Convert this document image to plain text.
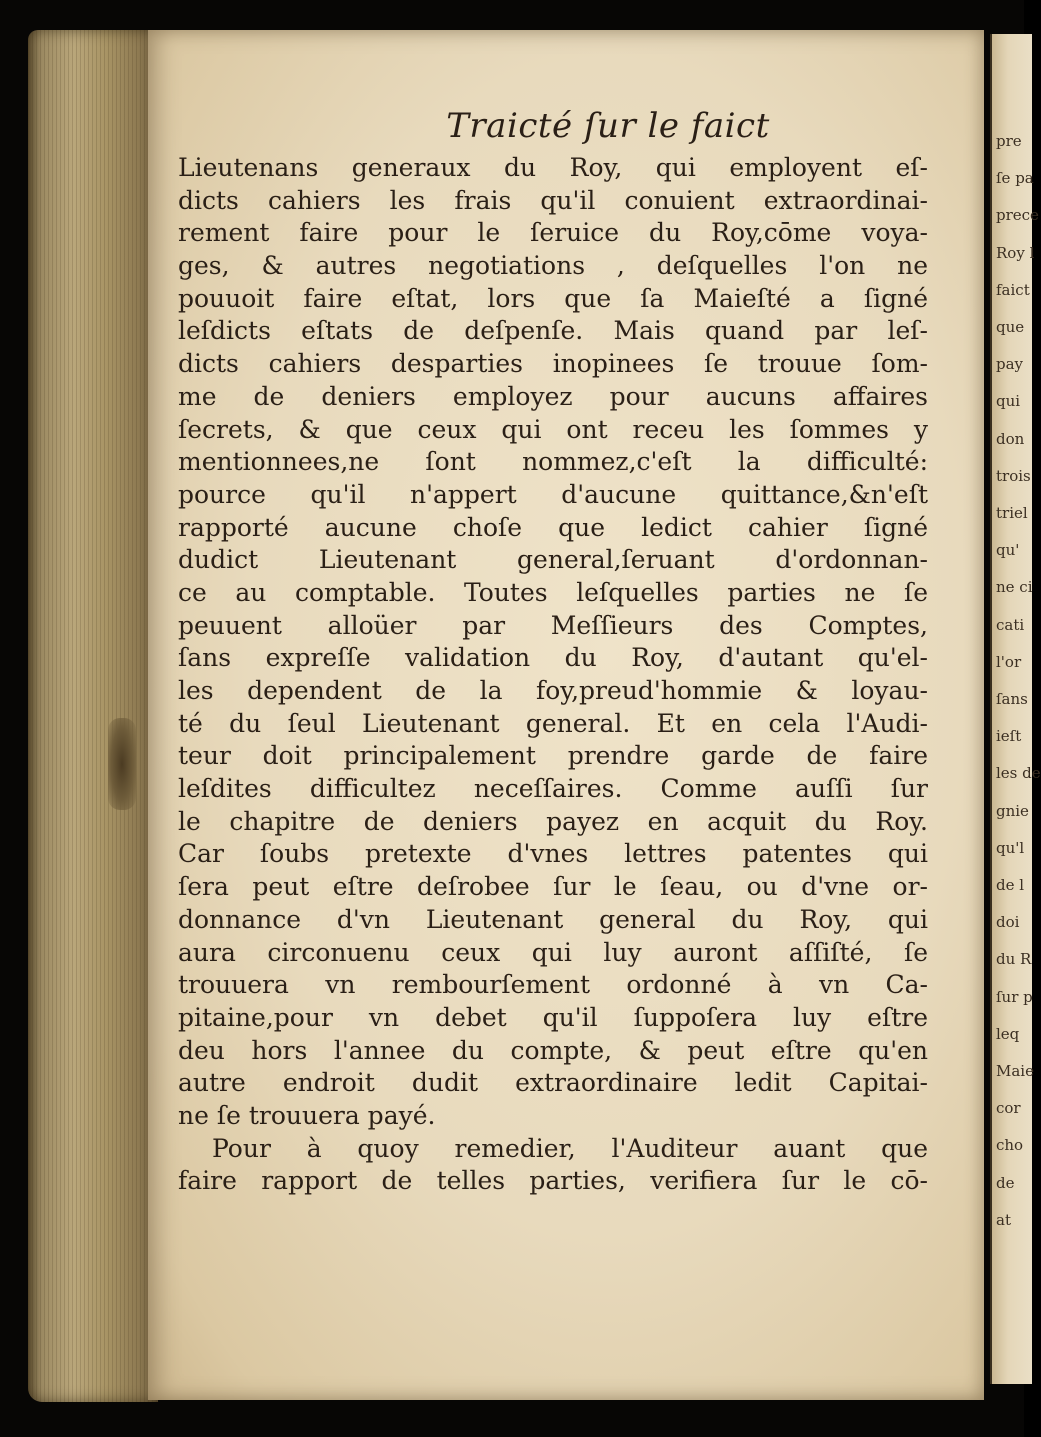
pre
ſe pa
prece
Roy l
faict
que
pay
qui
don
trois
triel
qu'
ne ci
cati
l'or
ſans
ieſt
les de
gnie
qu'l
de l
doi
du R
ſur p
leq
Maie
cor
cho
de
at
Traicté ſur le faict
Lieutenans generaux du Roy, qui employent eſ-
dicts cahiers les frais qu'il conuient extraordinai-
rement faire pour le ſeruice du Roy,cōme voya-
ges, & autres negotiations , deſquelles l'on ne
pouuoit faire eſtat, lors que ſa Maieſté a ſigné
leſdicts eſtats de deſpenſe. Mais quand par leſ-
dicts cahiers desparties inopinees ſe trouue ſom-
me de deniers employez pour aucuns affaires
ſecrets, & que ceux qui ont receu les ſommes y
mentionnees,ne ſont nommez,c'eſt la difficulté:
pource qu'il n'appert d'aucune quittance,&n'eſt
rapporté aucune choſe que ledict cahier ſigné
dudict Lieutenant general,ſeruant d'ordonnan-
ce au comptable. Toutes leſquelles parties ne ſe
peuuent alloüer par Meſſieurs des Comptes,
ſans expreſſe validation du Roy, d'autant qu'el-
les dependent de la foy,preud'hommie & loyau-
té du ſeul Lieutenant general. Et en cela l'Audi-
teur doit principalement prendre garde de faire
leſdites difficultez neceſſaires. Comme auſſi ſur
le chapitre de deniers payez en acquit du Roy.
Car ſoubs pretexte d'vnes lettres patentes qui
ſera peut eſtre deſrobee ſur le ſeau, ou d'vne or-
donnance d'vn Lieutenant general du Roy, qui
aura circonuenu ceux qui luy auront aſſiſté, ſe
trouuera vn rembourſement ordonné à vn Ca-
pitaine,pour vn debet qu'il ſuppoſera luy eſtre
deu hors l'annee du compte, & peut eſtre qu'en
autre endroit dudit extraordinaire ledit Capitai-
ne ſe trouuera payé.
Pour à quoy remedier, l'Auditeur auant que
faire rapport de telles parties, verifiera ſur le cō-
